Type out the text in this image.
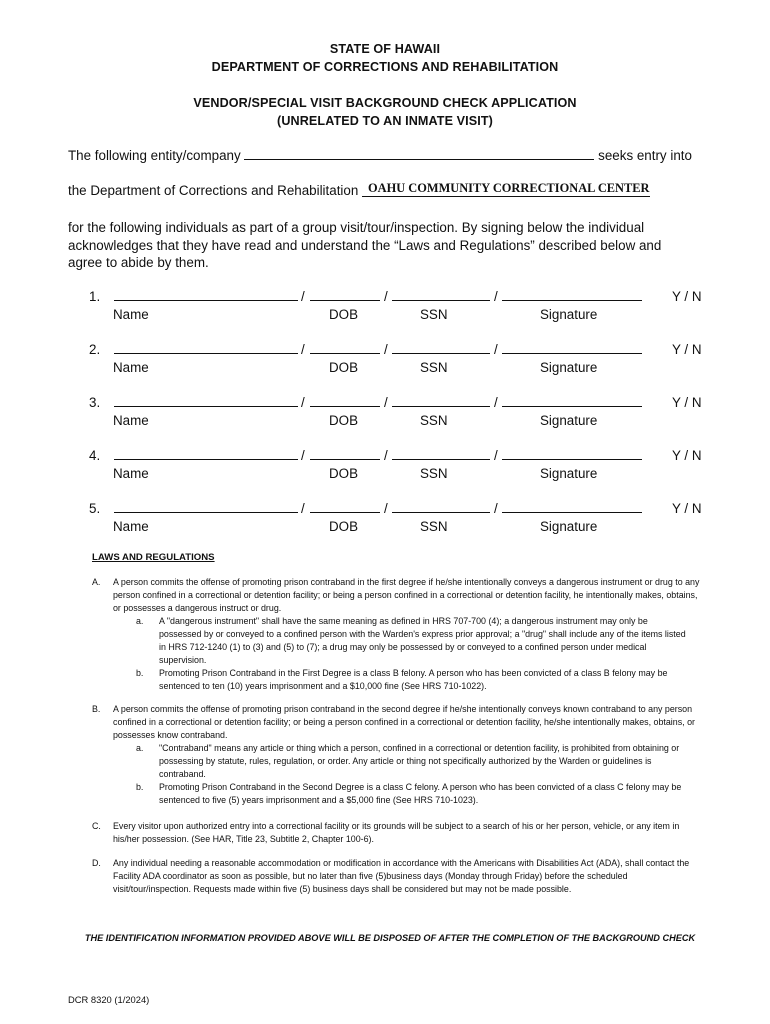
STATE OF HAWAII
DEPARTMENT OF CORRECTIONS AND REHABILITATION
VENDOR/SPECIAL VISIT BACKGROUND CHECK APPLICATION
(UNRELATED TO AN INMATE VISIT)
The following entity/company	seeks entry into
the Department of Corrections and Rehabilitation OAHU COMMUNITY CORRECTIONAL CENTER
for the following individuals as part of a group visit/tour/inspection. By signing below the individual acknowledges that they have read and understand the “Laws and Regulations” described below and agree to abide by them.
1.	/	/	/	Y / N
Name	DOB	SSN	Signature
2.	/	/	/	Y / N
Name	DOB	SSN	Signature
3.	/	/	/	Y / N
Name	DOB	SSN	Signature
4.	/	/	/	Y / N
Name	DOB	SSN	Signature
5.	/	/	/	Y / N
Name	DOB	SSN	Signature
LAWS AND REGULATIONS
A. A person commits the offense of promoting prison contraband in the first degree if he/she intentionally conveys a dangerous instrument or drug to any person confined in a correctional or detention facility; or being a person confined in a correctional or detention facility, he intentionally makes, obtains, or possesses a dangerous instruct or drug.
a. A "dangerous instrument" shall have the same meaning as defined in HRS 707-700 (4); a dangerous instrument may only be possessed by or conveyed to a confined person with the Warden's express prior approval; a "drug" shall include any of the items listed in HRS 712-1240 (1) to (3) and (5) to (7); a drug may only be possessed by or conveyed to a confined person under medical supervision.
b. Promoting Prison Contraband in the First Degree is a class B felony. A person who has been convicted of a class B felony may be sentenced to ten (10) years imprisonment and a $10,000 fine (See HRS 710-1022).
B. A person commits the offense of promoting prison contraband in the second degree if he/she intentionally conveys known contraband to any person confined in a correctional or detention facility; or being a person confined in a correctional or detention facility, he/she intentionally makes, obtains, or possesses know contraband.
a. "Contraband" means any article or thing which a person, confined in a correctional or detention facility, is prohibited from obtaining or possessing by statute, rules, regulation, or order. Any article or thing not specifically authorized by the Warden or guidelines is contraband.
b. Promoting Prison Contraband in the Second Degree is a class C felony. A person who has been convicted of a class C felony may be sentenced to five (5) years imprisonment and a $5,000 fine (See HRS 710-1023).
C. Every visitor upon authorized entry into a correctional facility or its grounds will be subject to a search of his or her person, vehicle, or any item in his/her possession. (See HAR, Title 23, Subtitle 2, Chapter 100-6).
D. Any individual needing a reasonable accommodation or modification in accordance with the Americans with Disabilities Act (ADA), shall contact the Facility ADA coordinator as soon as possible, but no later than five (5)business days (Monday through Friday) before the scheduled visit/tour/inspection. Requests made within five (5) business days shall be considered but may not be made possible.
THE IDENTIFICATION INFORMATION PROVIDED ABOVE WILL BE DISPOSED OF AFTER THE COMPLETION OF THE BACKGROUND CHECK
DCR 8320 (1/2024)
